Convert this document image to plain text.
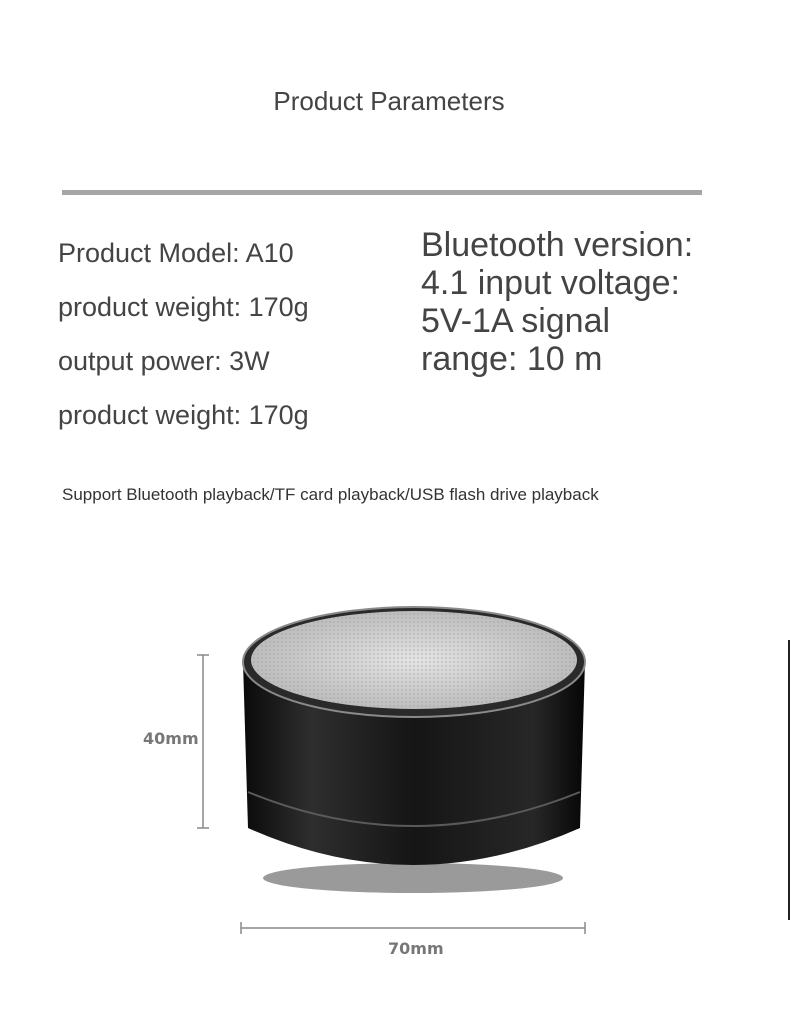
Product Parameters
Product Model: A10
product weight: 170g
output power: 3W
product weight: 170g
Bluetooth version:
4.1 input voltage:
5V-1A signal
range: 10 m
Support Bluetooth playback/TF card playback/USB flash drive playback
40mm
70mm
